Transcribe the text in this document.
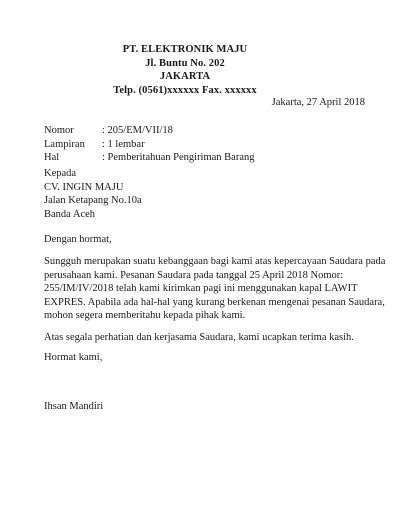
PT. ELEKTRONIK MAJU
Jl. Buntu No. 202
JAKARTA
Telp. (0561)xxxxxx Fax. xxxxxx
Jakarta, 27 April 2018
Nomor	: 205/EM/VII/18
Lampiran	: 1 lembar
Hal	: Pemberitahuan Pengiriman Barang
Kepada
CV. INGIN MAJU
Jalan Ketapang No.10a
Banda Aceh
Dengan hormat,
Sungguh merupakan suatu kebanggaan bagi kami atas kepercayaan Saudara pada
perusahaan kami. Pesanan Saudara pada tanggal 25 April 2018 Nomor:
255/IM/IV/2018 telah kami kirimkan pagi ini menggunakan kapal LAWIT
EXPRES. Apabila ada hal-hal yang kurang berkenan mengenai pesanan Saudara,
mohon segera memberitahu kepada pihak kami.
Atas segala perhatian dan kerjasama Saudara, kami ucapkan terima kasih.
Hormat kami,
Ihsan Mandiri
